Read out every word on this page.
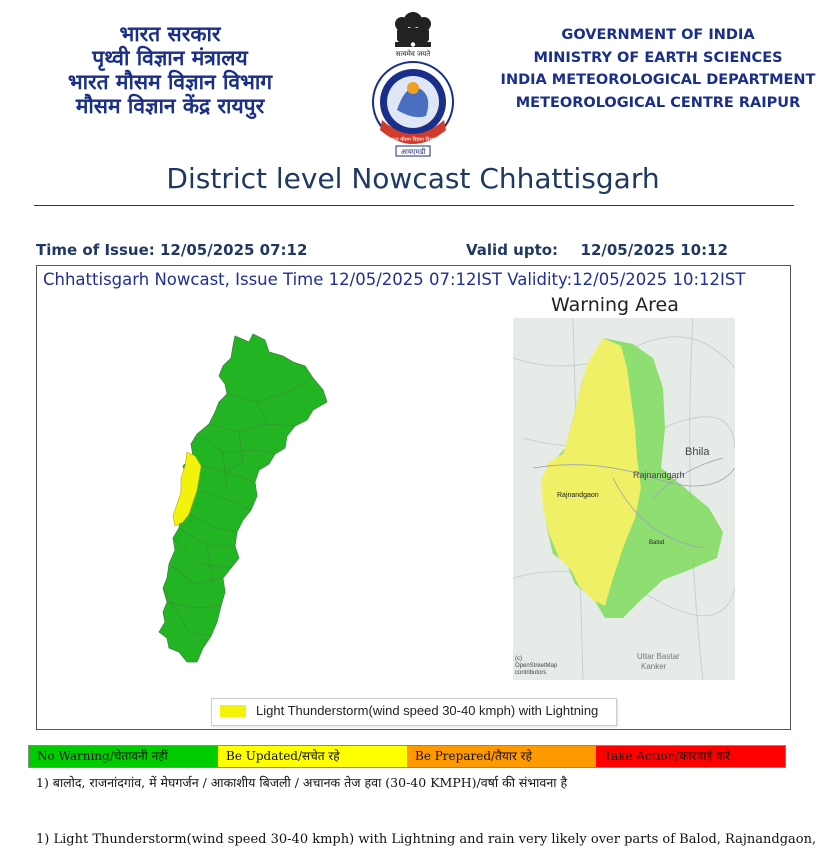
भारत सरकार
पृथ्वी विज्ञान मंत्रालय
भारत मौसम विज्ञान विभाग
मौसम विज्ञान केंद्र रायपुर
सत्यमेव जयते
भारत मौसम विज्ञान विभाग
आयएमडी
GOVERNMENT OF INDIA
MINISTRY OF EARTH SCIENCES
INDIA METEOROLOGICAL DEPARTMENT
METEOROLOGICAL CENTRE RAIPUR
District level Nowcast Chhattisgarh
Time of Issue: 12/05/2025 07:12	Valid upto: 12/05/2025 10:12
Chhattisgarh Nowcast, Issue Time 12/05/2025 07:12IST Validity:12/05/2025 10:12IST
Warning Area
Bhila
Rajnandgarh
Rajnandgaon
Balod
Uttar Bastar
Kanker
(c)
OpenStreetMap
contributors
Light Thunderstorm(wind speed 30-40 kmph) with Lightning
No Warning/चेतावनी नहीं	Be Updated/सचेत रहे	Be Prepared/तैयार रहे	Take Action/कारवाई करें
1) बालोद, राजनांदगांव, में मेघगर्जन / आकाशीय बिजली / अचानक तेज हवा (30-40 KMPH)/वर्षा की संभावना है
1) Light Thunderstorm(wind speed 30-40 kmph) with Lightning and rain very likely over parts of Balod, Rajnandgaon,
